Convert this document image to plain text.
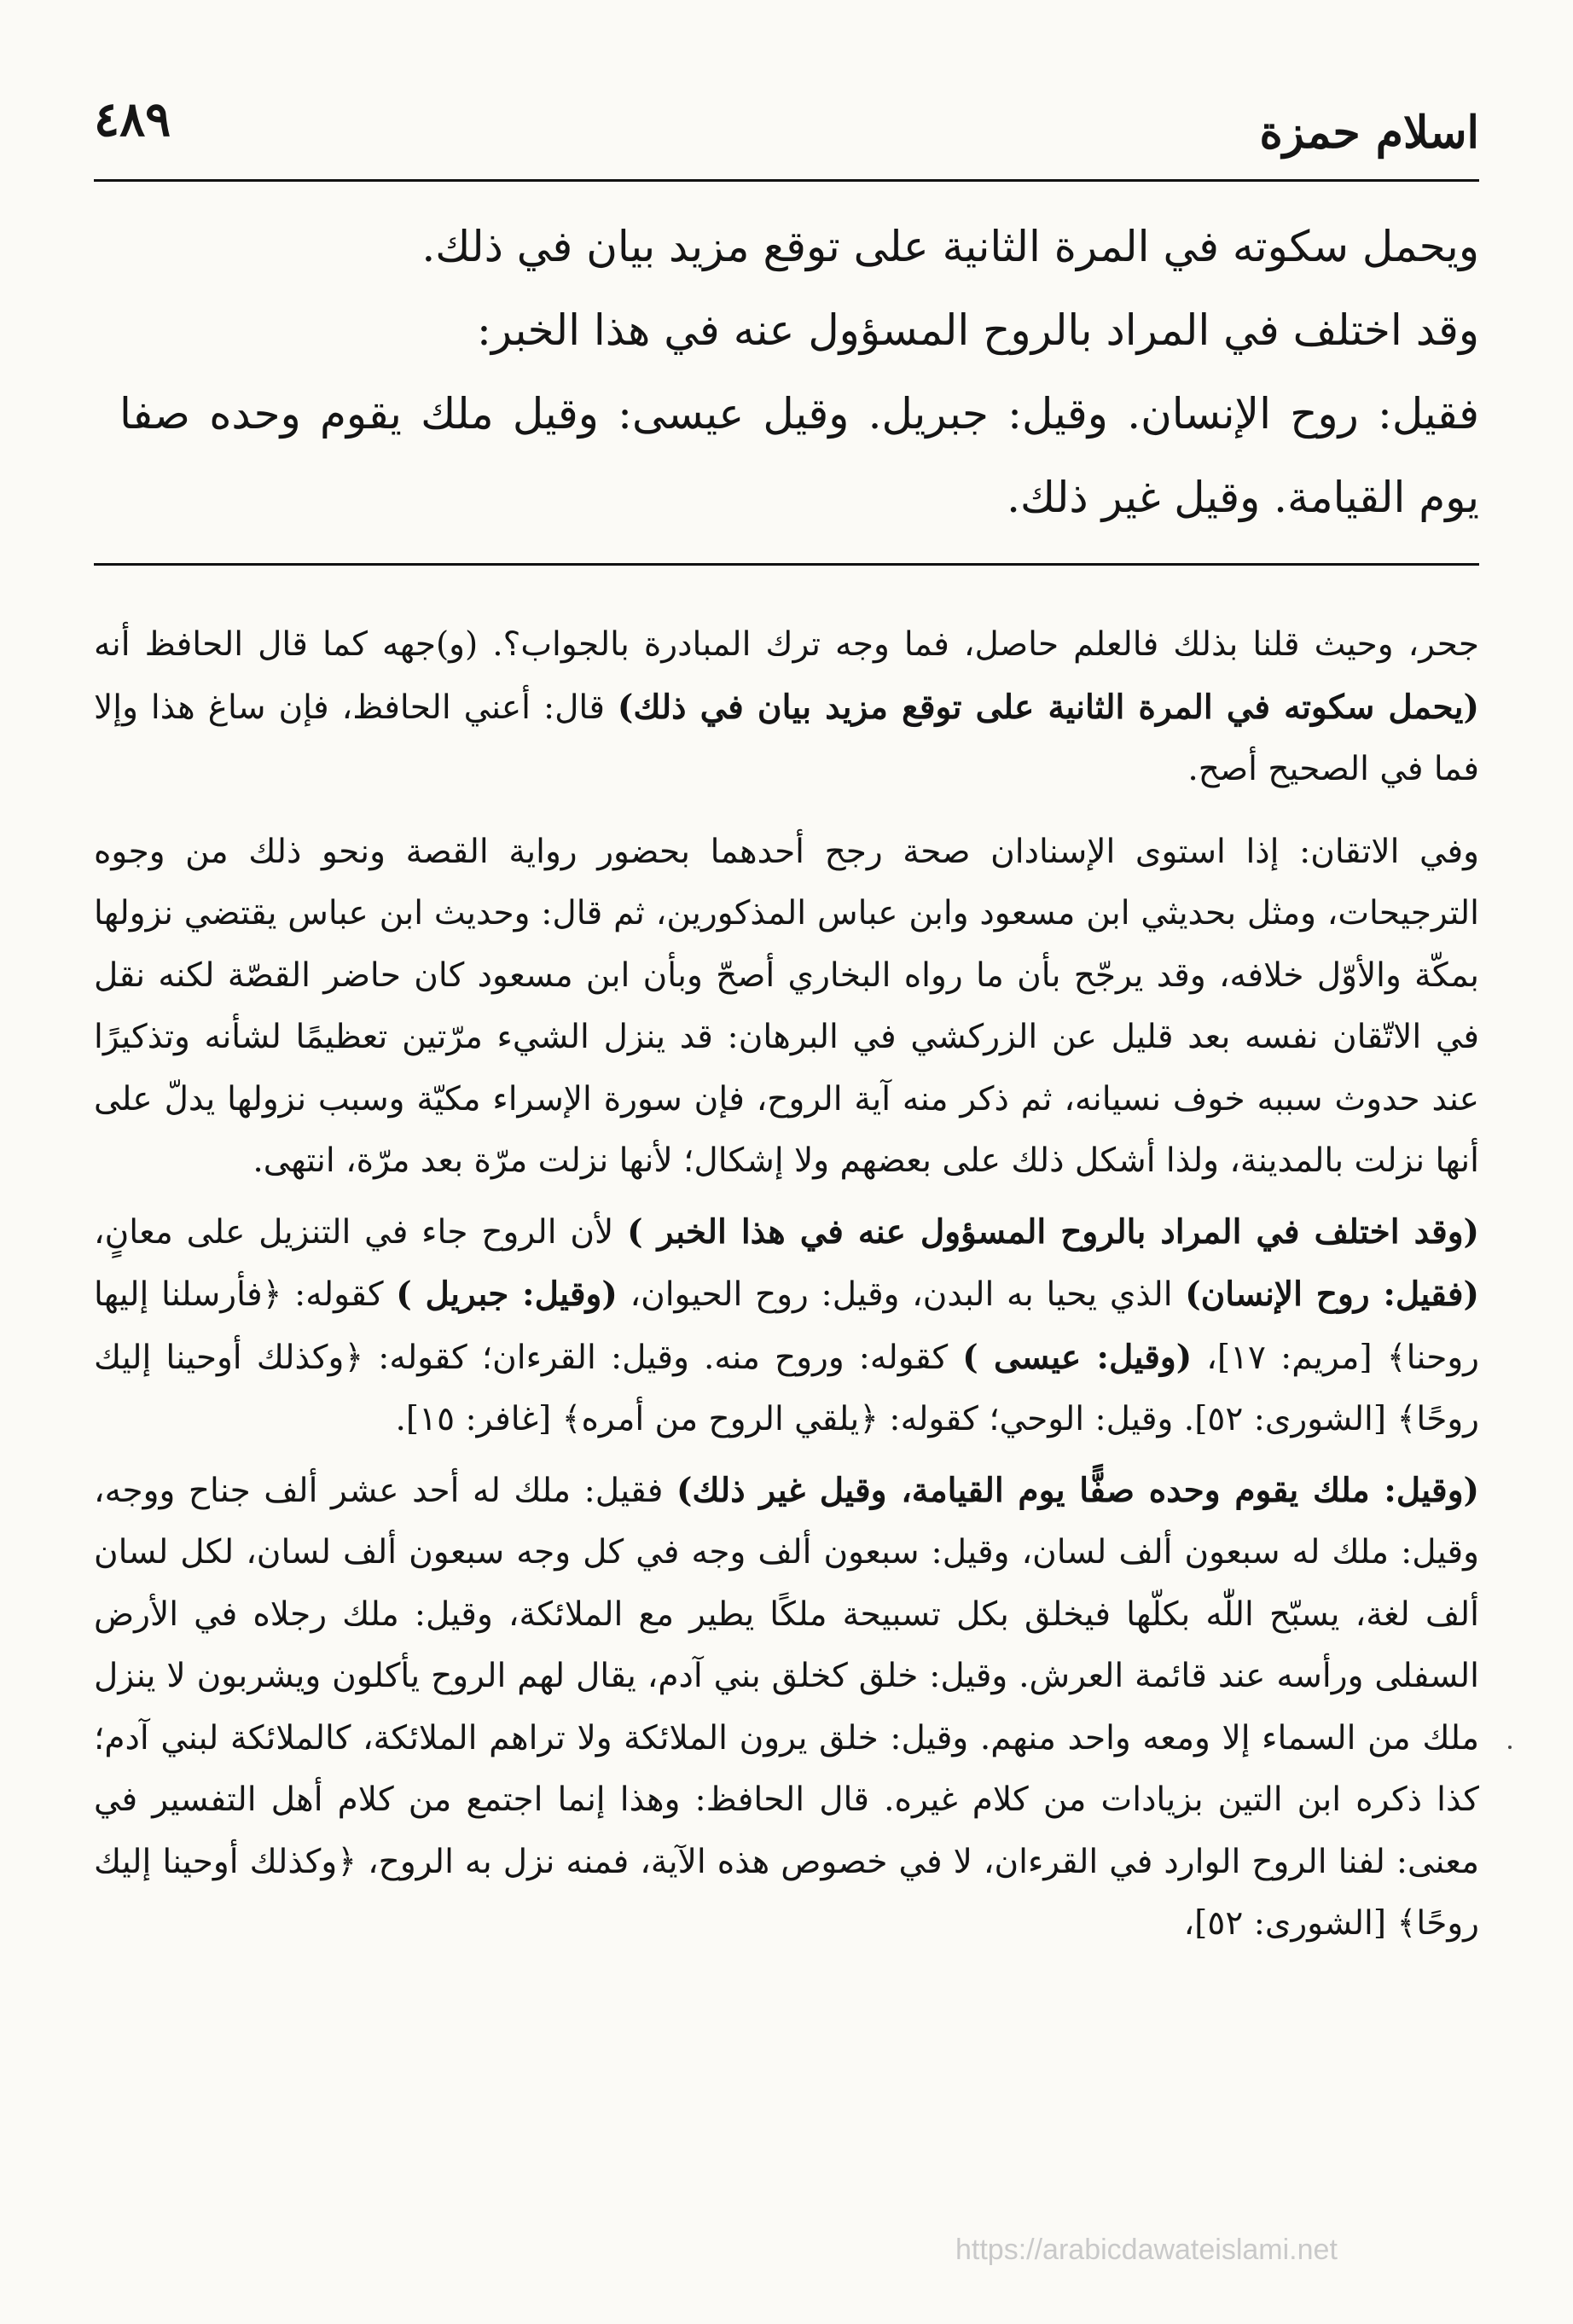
اسلام حمزة
٤٨٩

ويحمل سكوته في المرة الثانية على توقع مزيد بيان في ذلك.

وقد اختلف في المراد بالروح المسؤول عنه في هذا الخبر:

فقيل: روح الإنسان. وقيل: جبريل. وقيل عيسى: وقيل ملك يقوم وحده صفا يوم القيامة. وقيل غير ذلك.

جحر، وحيث قلنا بذلك فالعلم حاصل، فما وجه ترك المبادرة بالجواب؟. (و)جهه كما قال الحافظ أنه (يحمل سكوته في المرة الثانية على توقع مزيد بيان في ذلك) قال: أعني الحافظ، فإن ساغ هذا وإلا فما في الصحيح أصح.

وفي الاتقان: إذا استوى الإسنادان صحة رجح أحدهما بحضور رواية القصة ونحو ذلك من وجوه الترجيحات، ومثل بحديثي ابن مسعود وابن عباس المذكورين، ثم قال: وحديث ابن عباس يقتضي نزولها بمكّة والأوّل خلافه، وقد يرجّح بأن ما رواه البخاري أصحّ وبأن ابن مسعود كان حاضر القصّة لكنه نقل في الاتّقان نفسه بعد قليل عن الزركشي في البرهان: قد ينزل الشيء مرّتين تعظيمًا لشأنه وتذكيرًا عند حدوث سببه خوف نسيانه، ثم ذكر منه آية الروح، فإن سورة الإسراء مكيّة وسبب نزولها يدلّ على أنها نزلت بالمدينة، ولذا أشكل ذلك على بعضهم ولا إشكال؛ لأنها نزلت مرّة بعد مرّة، انتهى.

(وقد اختلف في المراد بالروح المسؤول عنه في هذا الخبر ) لأن الروح جاء في التنزيل على معانٍ، (فقيل: روح الإنسان) الذي يحيا به البدن، وقيل: روح الحيوان، (وقيل: جبريل ) كقوله: ﴿فأرسلنا إليها روحنا﴾ [مريم: ١٧]، (وقيل: عيسى ) كقوله: وروح منه. وقيل: القرءان؛ كقوله: ﴿وكذلك أوحينا إليك روحًا﴾ [الشورى: ٥٢]. وقيل: الوحي؛ كقوله: ﴿يلقي الروح من أمره﴾ [غافر: ١٥].

(وقيل: ملك يقوم وحده صفًّا يوم القيامة، وقيل غير ذلك) فقيل: ملك له أحد عشر ألف جناح ووجه، وقيل: ملك له سبعون ألف لسان، وقيل: سبعون ألف وجه في كل وجه سبعون ألف لسان، لكل لسان ألف لغة، يسبّح اللّٰه بكلّها فيخلق بكل تسبيحة ملكًا يطير مع الملائكة، وقيل: ملك رجلاه في الأرض السفلى ورأسه عند قائمة العرش. وقيل: خلق كخلق بني آدم، يقال لهم الروح يأكلون ويشربون لا ينزل ملك من السماء إلا ومعه واحد منهم. وقيل: خلق يرون الملائكة ولا تراهم الملائكة، كالملائكة لبني آدم؛ كذا ذكره ابن التين بزيادات من كلام غيره. قال الحافظ: وهذا إنما اجتمع من كلام أهل التفسير في معنى: لفنا الروح الوارد في القرءان، لا في خصوص هذه الآية، فمنه نزل به الروح، ﴿وكذلك أوحينا إليك روحًا﴾ [الشورى: ٥٢]،

https://arabicdawateislami.net
